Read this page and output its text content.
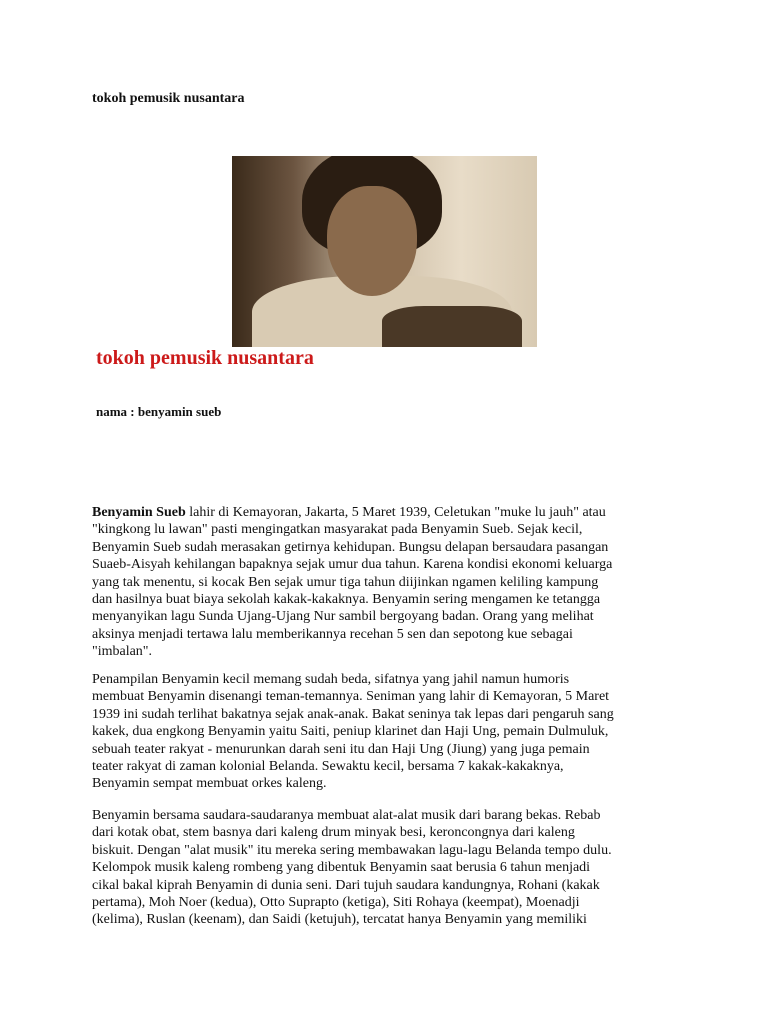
tokoh pemusik nusantara
tokoh pemusik nusantara
nama : benyamin sueb
Benyamin Sueb lahir di Kemayoran, Jakarta, 5 Maret 1939, Celetukan "muke lu jauh" atau
"kingkong lu lawan" pasti mengingatkan masyarakat pada Benyamin Sueb. Sejak kecil,
Benyamin Sueb sudah merasakan getirnya kehidupan. Bungsu delapan bersaudara pasangan
Suaeb-Aisyah kehilangan bapaknya sejak umur dua tahun. Karena kondisi ekonomi keluarga
yang tak menentu, si kocak Ben sejak umur tiga tahun diijinkan ngamen keliling kampung
dan hasilnya buat biaya sekolah kakak-kakaknya. Benyamin sering mengamen ke tetangga
menyanyikan lagu Sunda Ujang-Ujang Nur sambil bergoyang badan. Orang yang melihat
aksinya menjadi tertawa lalu memberikannya recehan 5 sen dan sepotong kue sebagai
"imbalan".
Penampilan Benyamin kecil memang sudah beda, sifatnya yang jahil namun humoris
membuat Benyamin disenangi teman-temannya. Seniman yang lahir di Kemayoran, 5 Maret
1939 ini sudah terlihat bakatnya sejak anak-anak. Bakat seninya tak lepas dari pengaruh sang
kakek, dua engkong Benyamin yaitu Saiti, peniup klarinet dan Haji Ung, pemain Dulmuluk,
sebuah teater rakyat - menurunkan darah seni itu dan Haji Ung (Jiung) yang juga pemain
teater rakyat di zaman kolonial Belanda. Sewaktu kecil, bersama 7 kakak-kakaknya,
Benyamin sempat membuat orkes kaleng.
Benyamin bersama saudara-saudaranya membuat alat-alat musik dari barang bekas. Rebab
dari kotak obat, stem basnya dari kaleng drum minyak besi, keroncongnya dari kaleng
biskuit. Dengan "alat musik" itu mereka sering membawakan lagu-lagu Belanda tempo dulu.
Kelompok musik kaleng rombeng yang dibentuk Benyamin saat berusia 6 tahun menjadi
cikal bakal kiprah Benyamin di dunia seni. Dari tujuh saudara kandungnya, Rohani (kakak
pertama), Moh Noer (kedua), Otto Suprapto (ketiga), Siti Rohaya (keempat), Moenadji
(kelima), Ruslan (keenam), dan Saidi (ketujuh), tercatat hanya Benyamin yang memiliki
